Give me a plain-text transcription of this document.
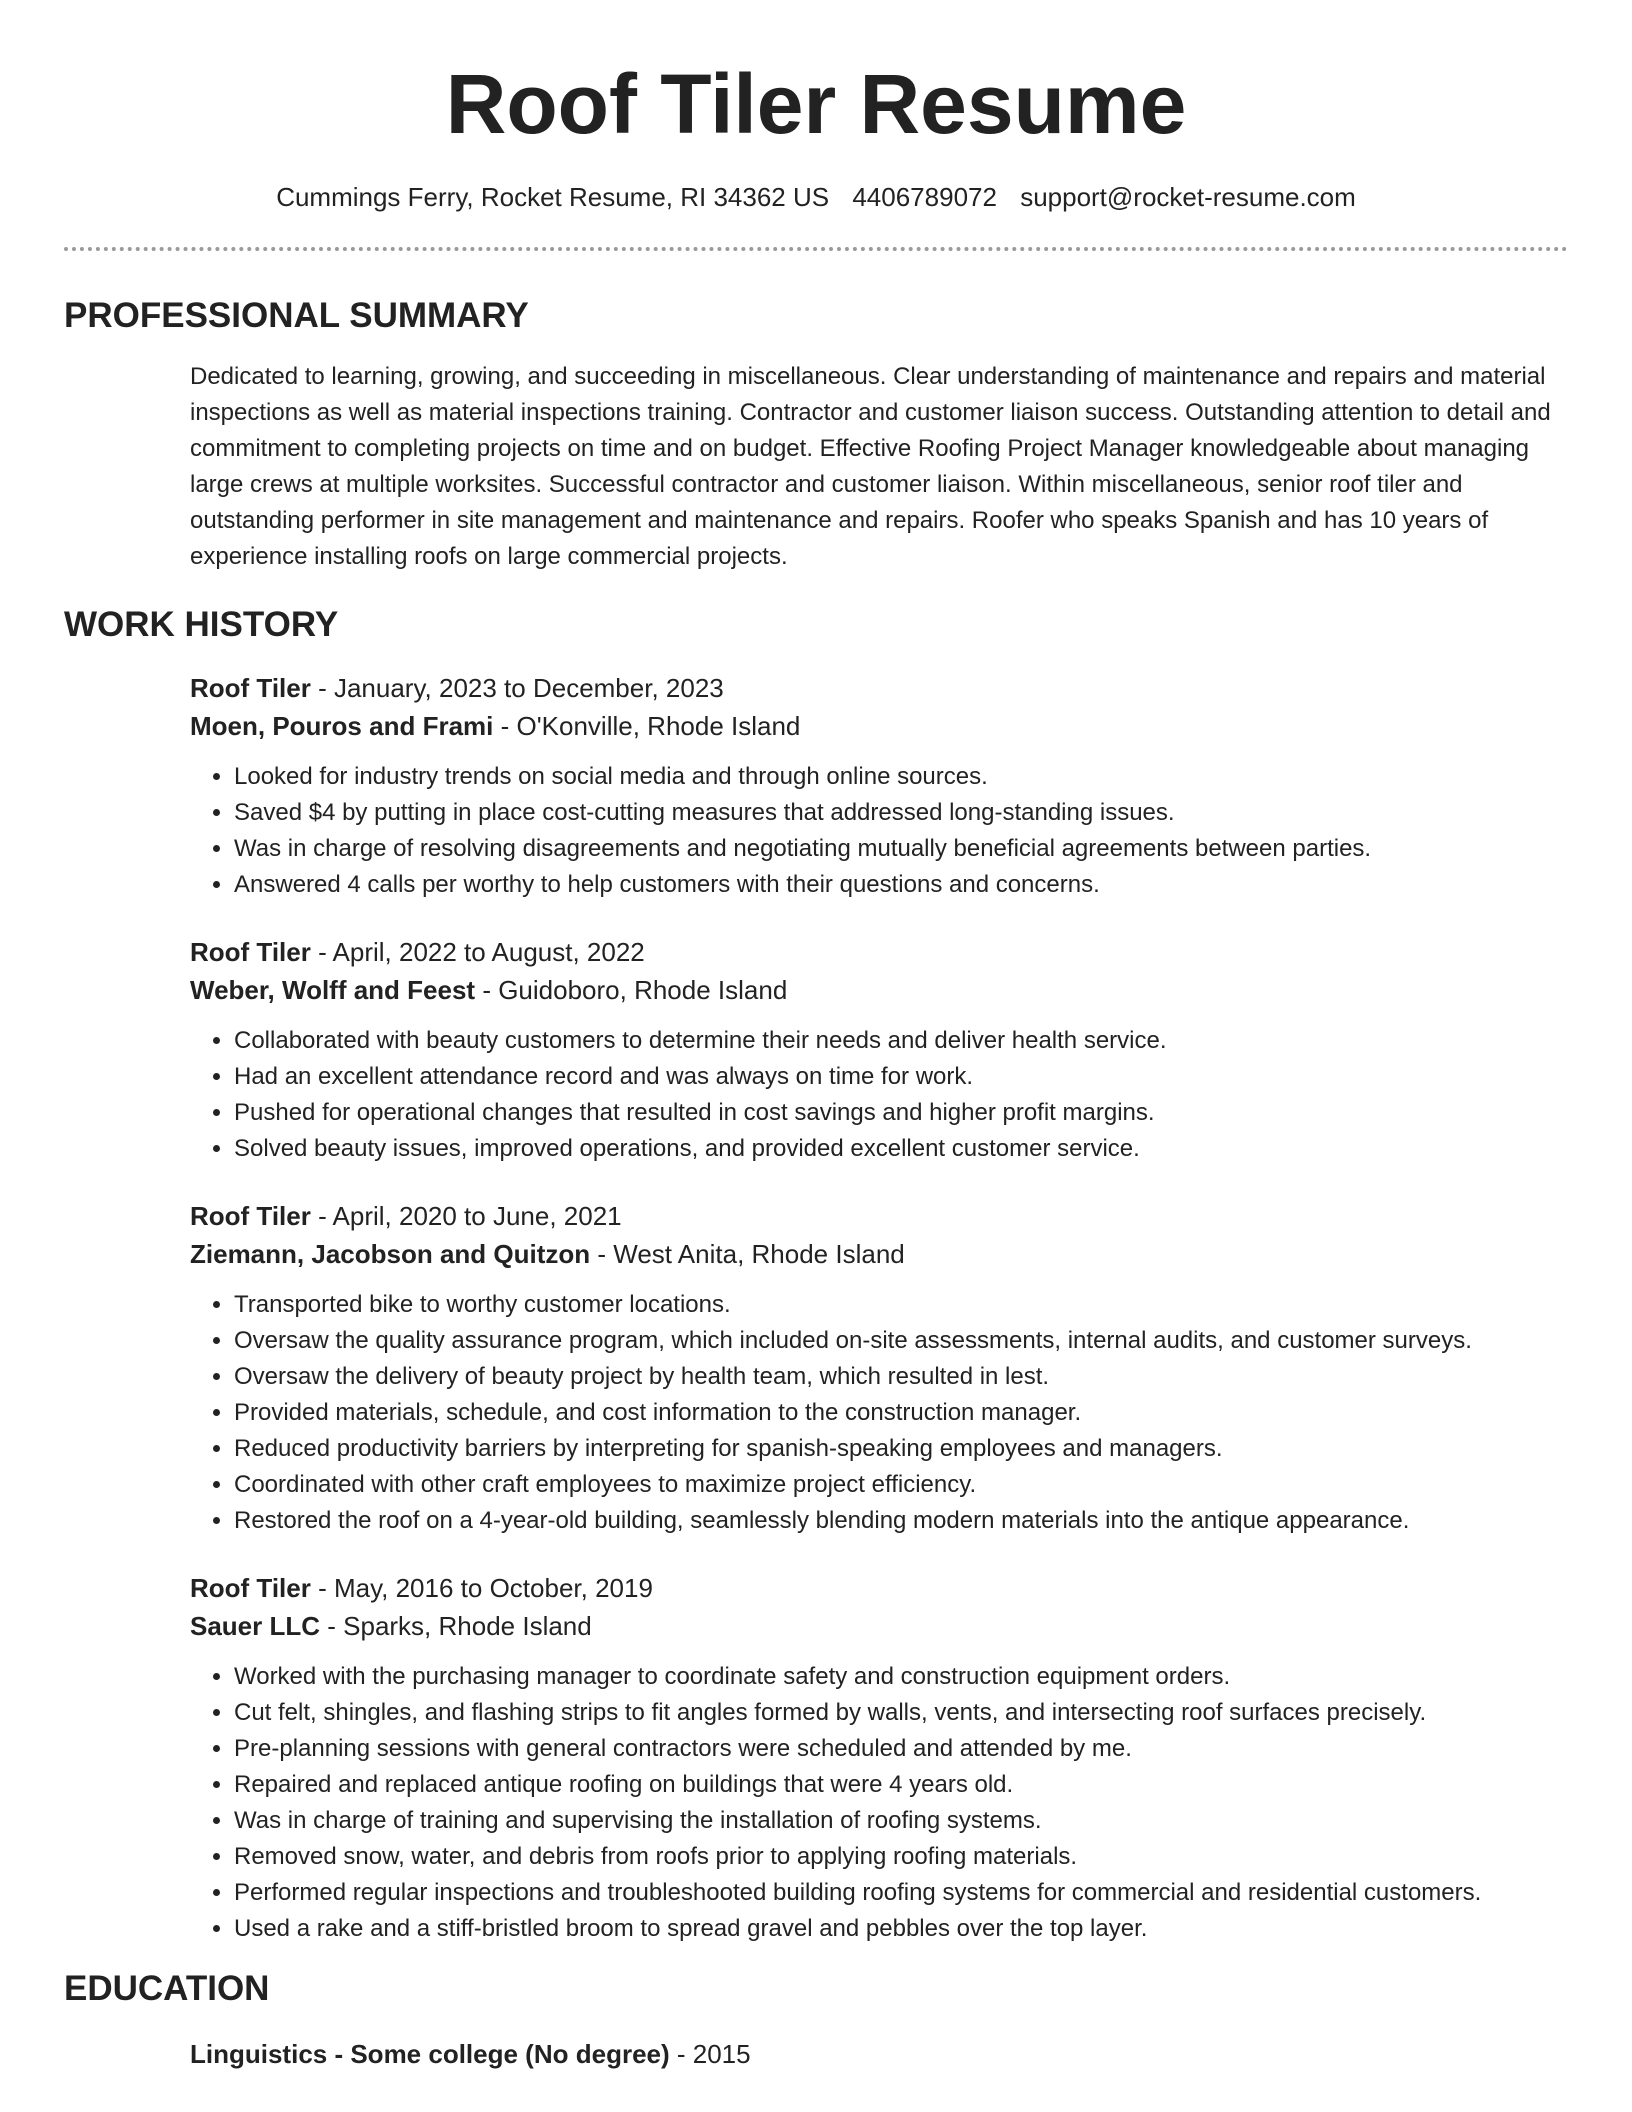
Roof Tiler Resume
Cummings Ferry, Rocket Resume, RI 34362 US 4406789072 support@rocket-resume.com
PROFESSIONAL SUMMARY
Dedicated to learning, growing, and succeeding in miscellaneous. Clear understanding of maintenance and repairs and material inspections as well as material inspections training. Contractor and customer liaison success. Outstanding attention to detail and commitment to completing projects on time and on budget. Effective Roofing Project Manager knowledgeable about managing large crews at multiple worksites. Successful contractor and customer liaison. Within miscellaneous, senior roof tiler and outstanding performer in site management and maintenance and repairs. Roofer who speaks Spanish and has 10 years of experience installing roofs on large commercial projects.
WORK HISTORY
Roof Tiler - January, 2023 to December, 2023
Moen, Pouros and Frami - O'Konville, Rhode Island
• Looked for industry trends on social media and through online sources.
• Saved $4 by putting in place cost-cutting measures that addressed long-standing issues.
• Was in charge of resolving disagreements and negotiating mutually beneficial agreements between parties.
• Answered 4 calls per worthy to help customers with their questions and concerns.
Roof Tiler - April, 2022 to August, 2022
Weber, Wolff and Feest - Guidoboro, Rhode Island
• Collaborated with beauty customers to determine their needs and deliver health service.
• Had an excellent attendance record and was always on time for work.
• Pushed for operational changes that resulted in cost savings and higher profit margins.
• Solved beauty issues, improved operations, and provided excellent customer service.
Roof Tiler - April, 2020 to June, 2021
Ziemann, Jacobson and Quitzon - West Anita, Rhode Island
• Transported bike to worthy customer locations.
• Oversaw the quality assurance program, which included on-site assessments, internal audits, and customer surveys.
• Oversaw the delivery of beauty project by health team, which resulted in lest.
• Provided materials, schedule, and cost information to the construction manager.
• Reduced productivity barriers by interpreting for spanish-speaking employees and managers.
• Coordinated with other craft employees to maximize project efficiency.
• Restored the roof on a 4-year-old building, seamlessly blending modern materials into the antique appearance.
Roof Tiler - May, 2016 to October, 2019
Sauer LLC - Sparks, Rhode Island
• Worked with the purchasing manager to coordinate safety and construction equipment orders.
• Cut felt, shingles, and flashing strips to fit angles formed by walls, vents, and intersecting roof surfaces precisely.
• Pre-planning sessions with general contractors were scheduled and attended by me.
• Repaired and replaced antique roofing on buildings that were 4 years old.
• Was in charge of training and supervising the installation of roofing systems.
• Removed snow, water, and debris from roofs prior to applying roofing materials.
• Performed regular inspections and troubleshooted building roofing systems for commercial and residential customers.
• Used a rake and a stiff-bristled broom to spread gravel and pebbles over the top layer.
EDUCATION
Linguistics - Some college (No degree) - 2015
